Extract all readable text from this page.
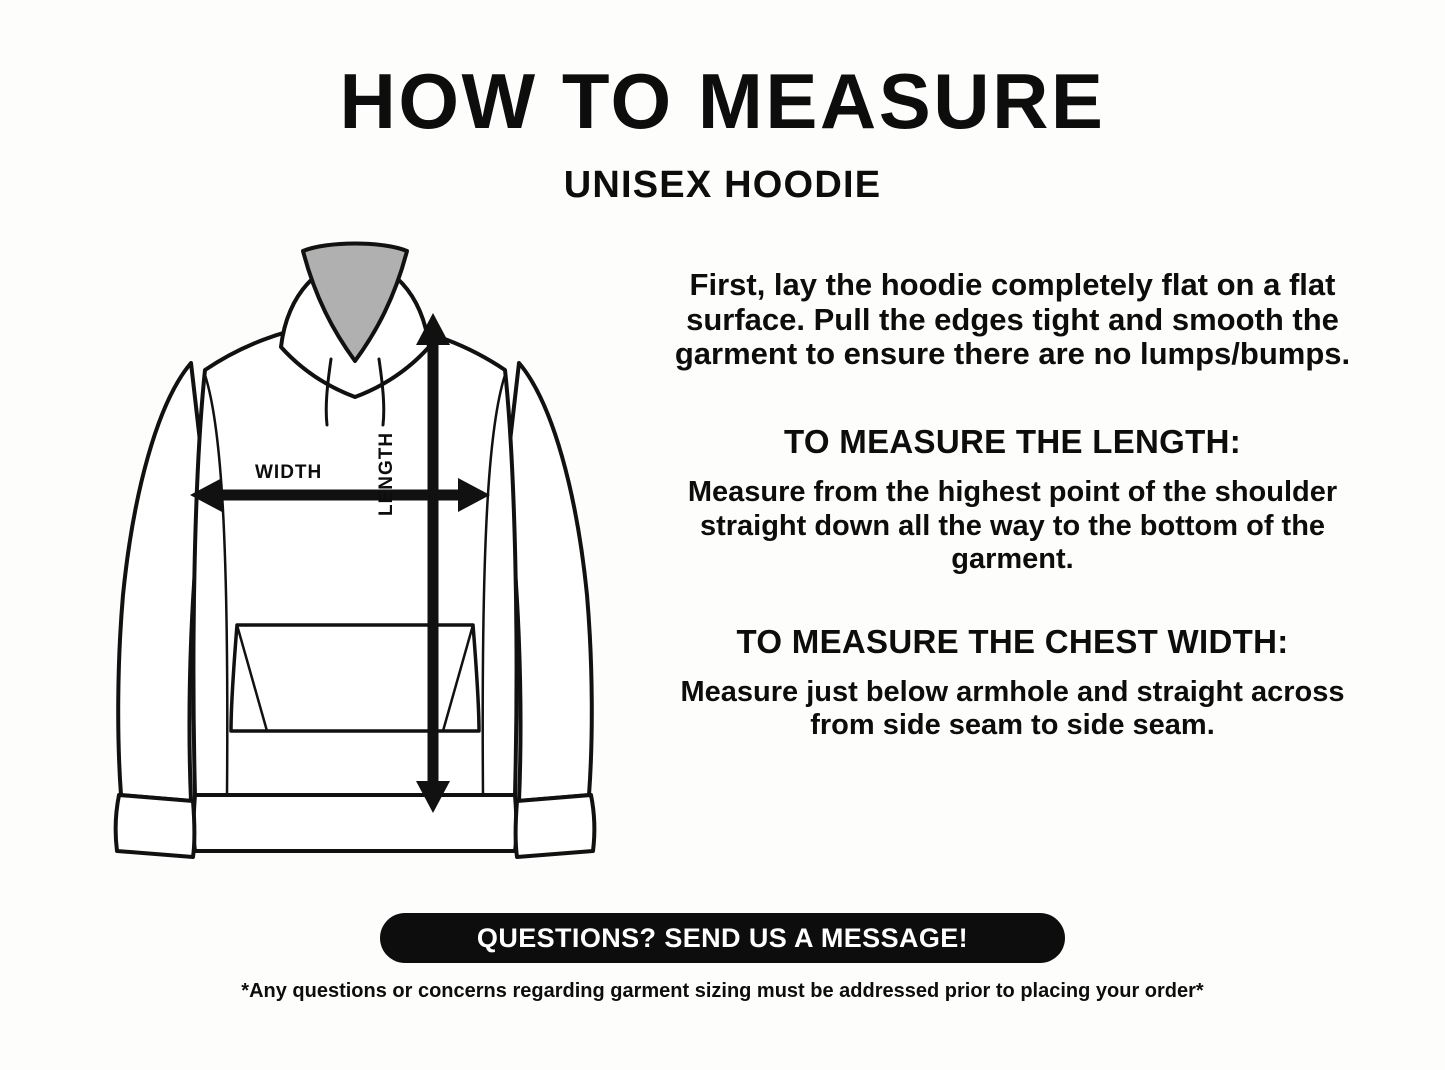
HOW TO MEASURE
UNISEX HOODIE
WIDTH	LENGTH

First, lay the hoodie completely flat on a flat surface. Pull the edges tight and smooth the garment to ensure there are no lumps/bumps.

TO MEASURE THE LENGTH:

Measure from the highest point of the shoulder straight down all the way to the bottom of the garment.

TO MEASURE THE CHEST WIDTH:

Measure just below armhole and straight across from side seam to side seam.

QUESTIONS? SEND US A MESSAGE!
*Any questions or concerns regarding garment sizing must be addressed prior to placing your order*
